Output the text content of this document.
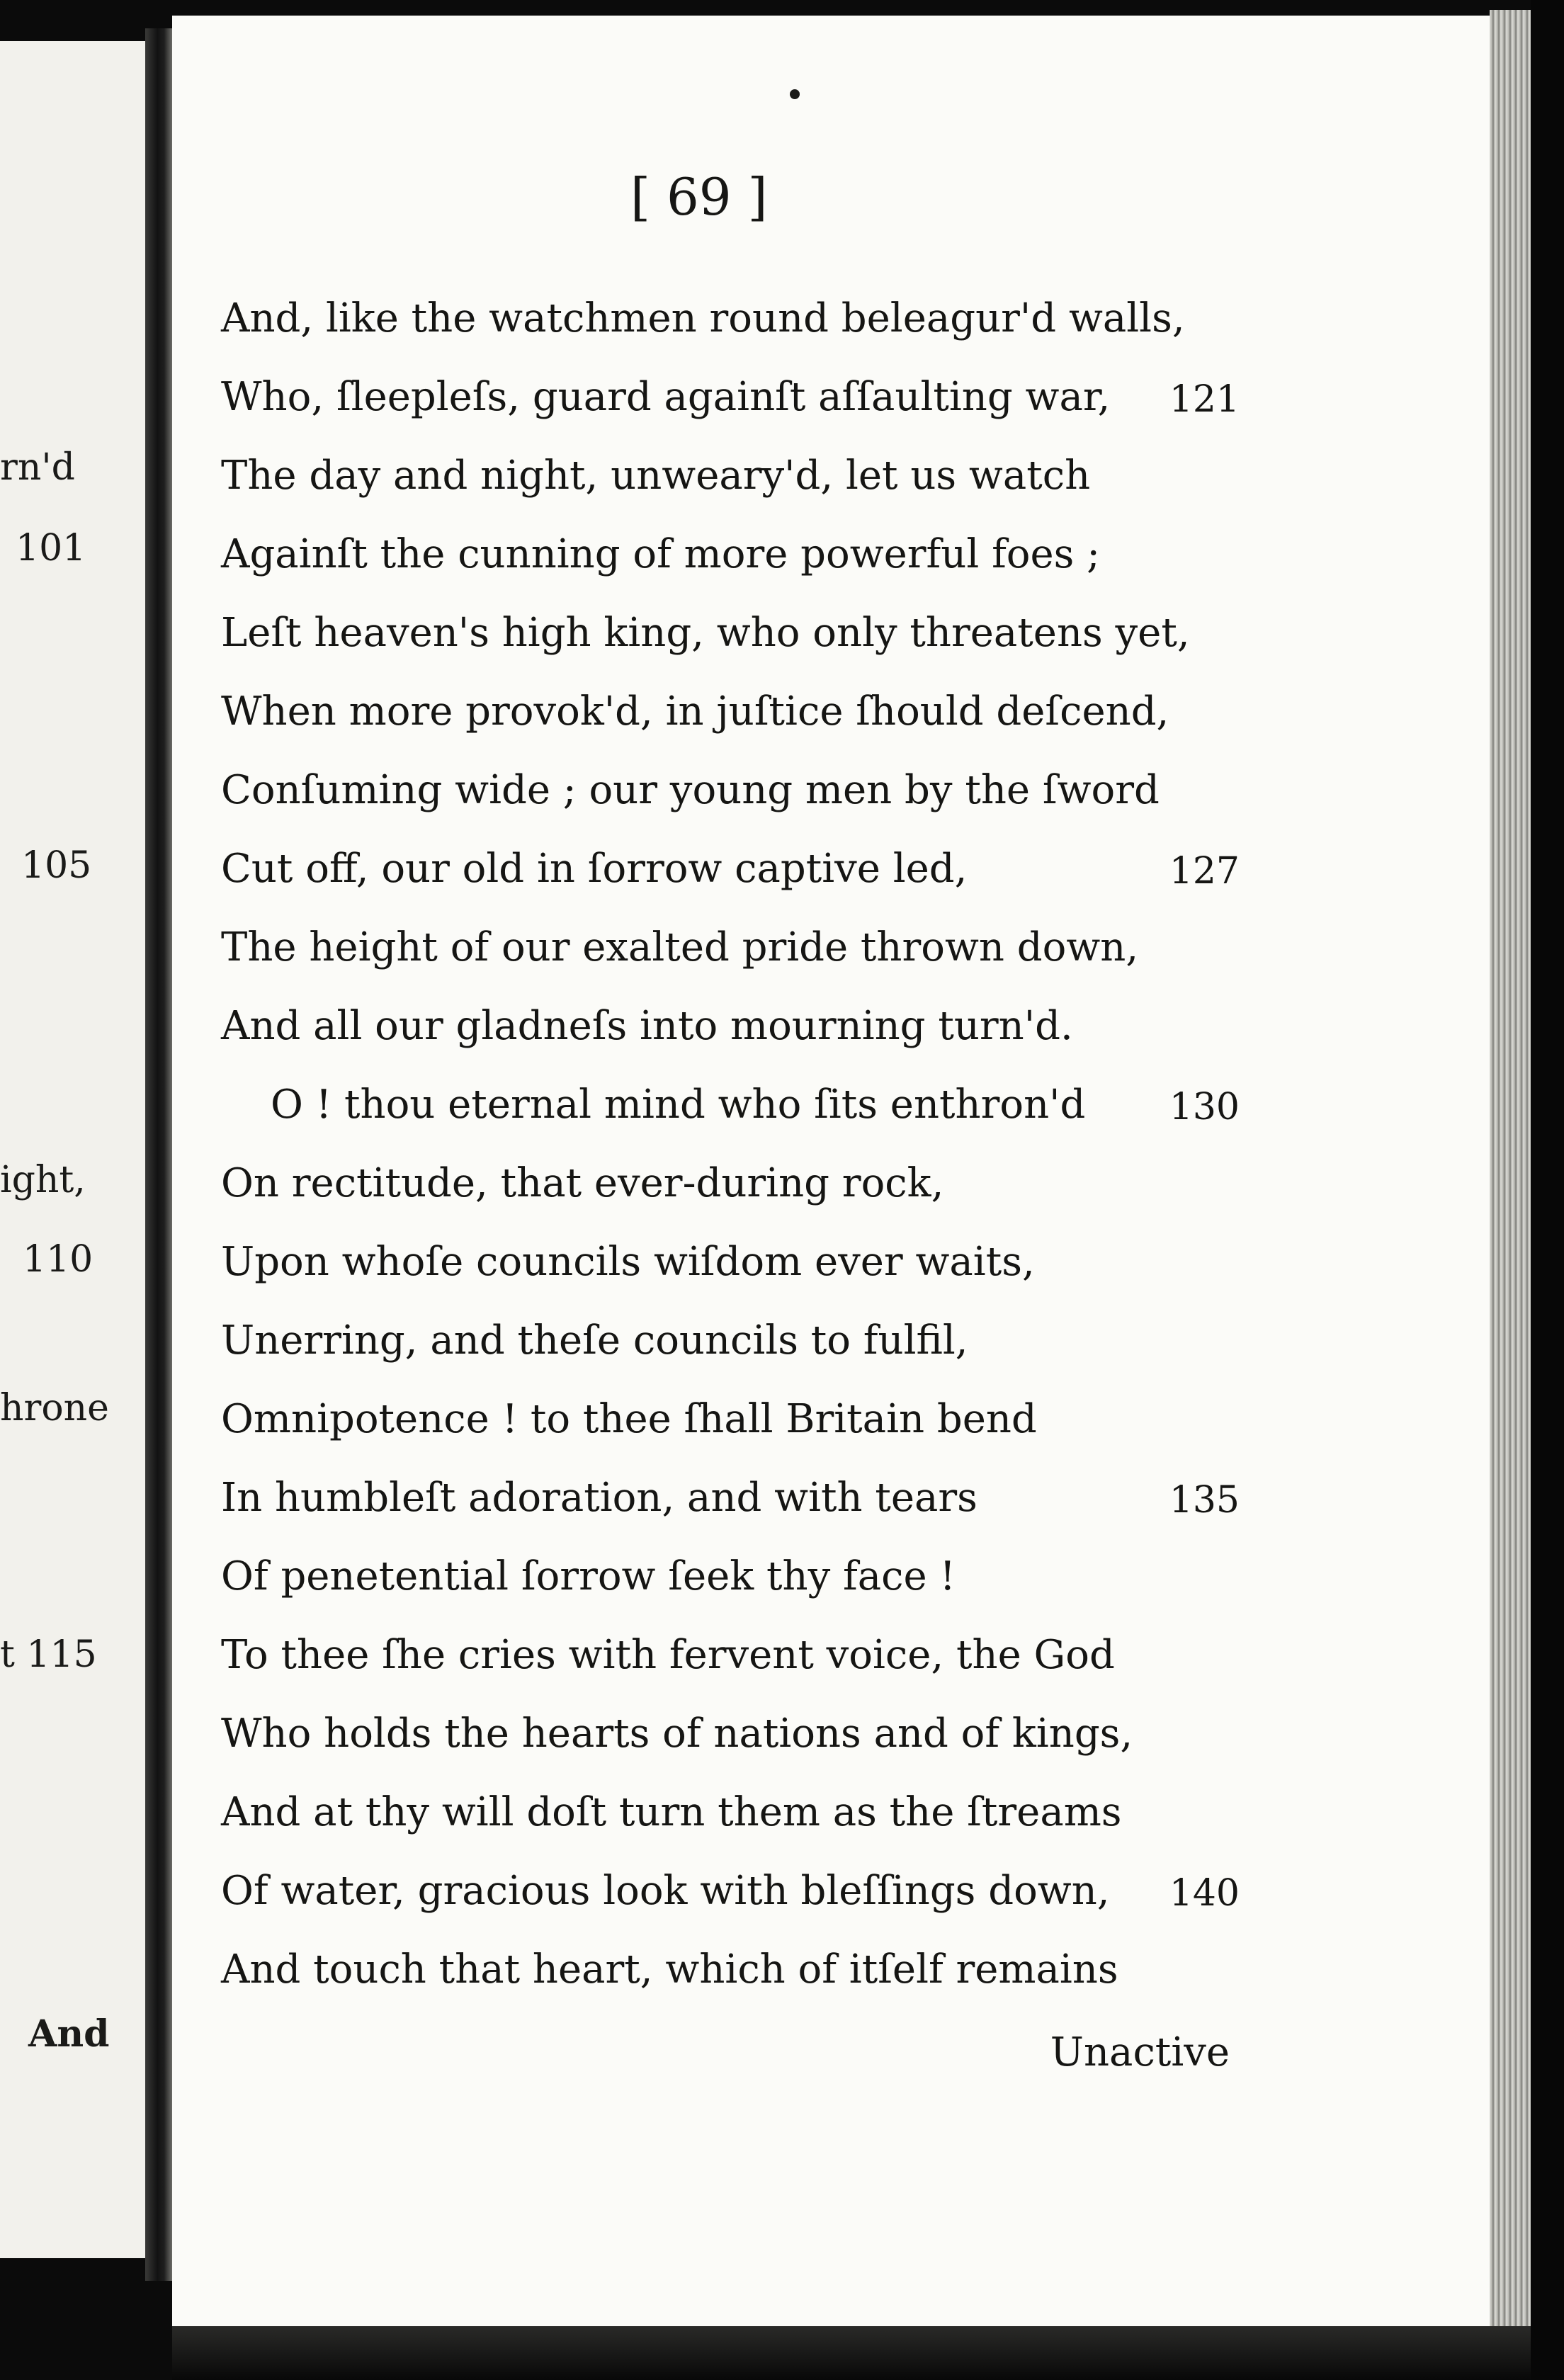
rn'd
101
105
ight,
110
hrone
t 115
And
[ 69 ]
And, like the watchmen round beleagur'd walls,
Who, ſleepleſs, guard againſt aſſaulting war,
The day and night, unweary'd, let us watch
Againſt the cunning of more powerful foes ;
Leſt heaven's high king, who only threatens yet,
When more provok'd, in juſtice ſhould deſcend,
Conſuming wide ; our young men by the ſword
Cut off, our old in ſorrow captive led,
The height of our exalted pride thrown down,
And all our gladneſs into mourning turn'd.
O ! thou eternal mind who ſits enthron'd
On rectitude, that ever-during rock,
Upon whoſe councils wiſdom ever waits,
Unerring, and theſe councils to fulfil,
Omnipotence ! to thee ſhall Britain bend
In humbleſt adoration, and with tears
Of penetential ſorrow ſeek thy face !
To thee ſhe cries with fervent voice, the God
Who holds the hearts of nations and of kings,
And at thy will doſt turn them as the ſtreams
Of water, gracious look with bleſſings down,
And touch that heart, which of itſelf remains
121
127
130
135
140
Unactive
